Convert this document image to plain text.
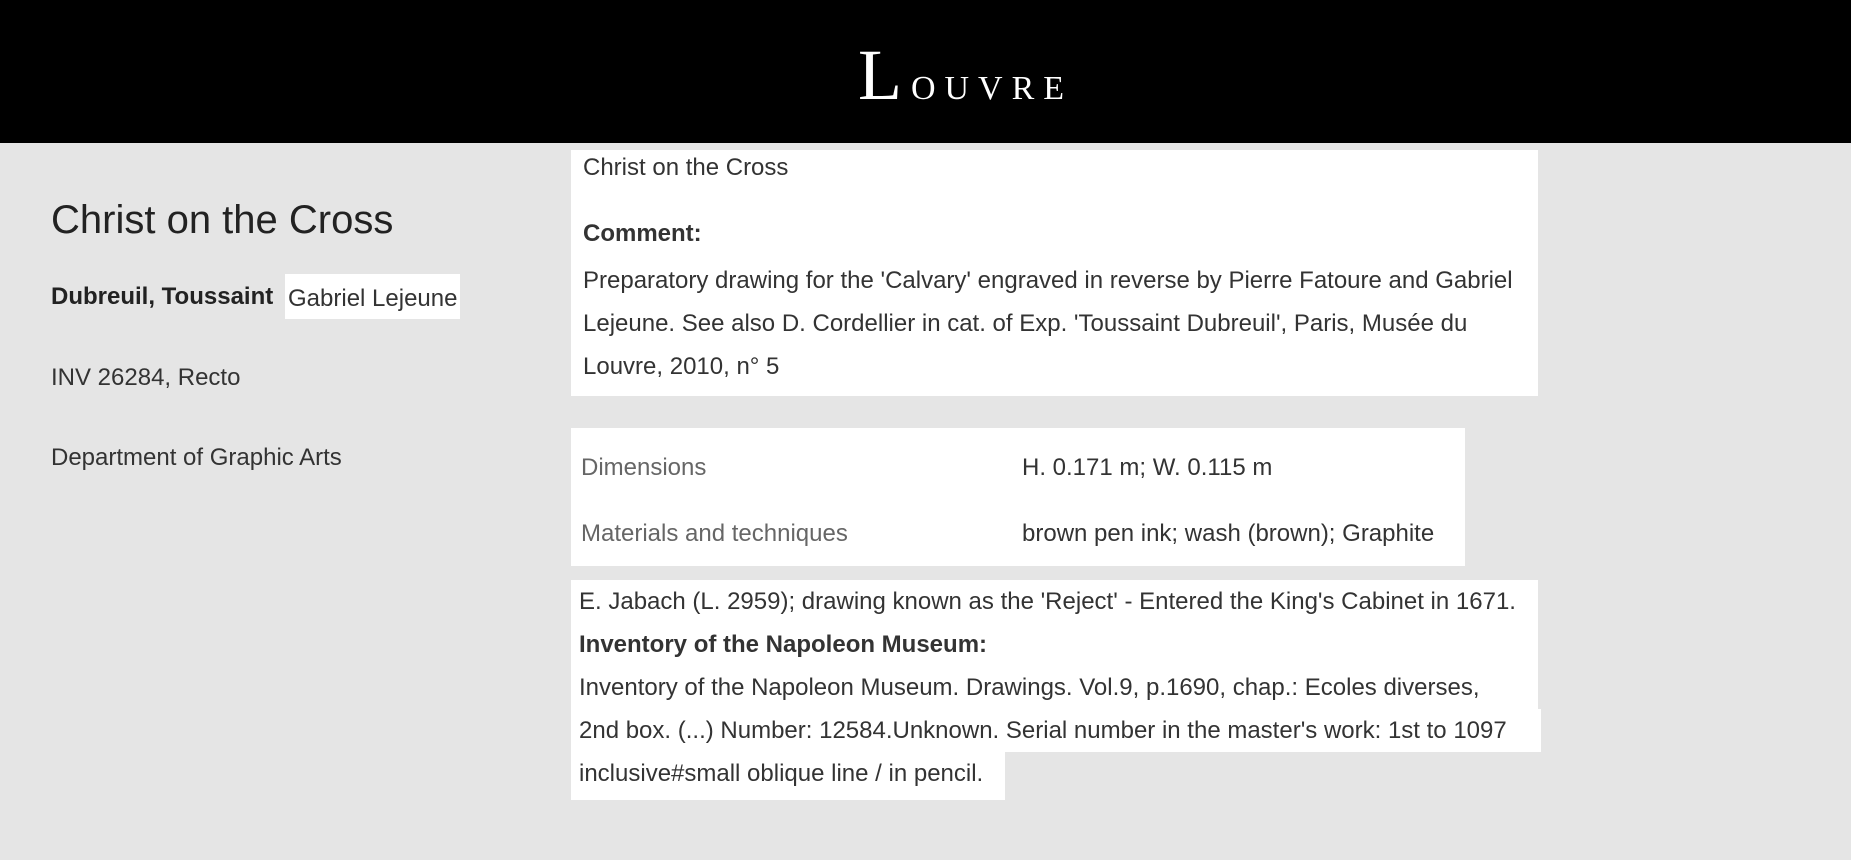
Louvre
Christ on the Cross
Dubreuil, Toussaint Gabriel Lejeune
INV 26284, Recto
Department of Graphic Arts
Christ on the Cross
Comment:
Preparatory drawing for the 'Calvary' engraved in reverse by Pierre Fatoure and Gabriel Lejeune. See also D. Cordellier in cat. of Exp. 'Toussaint Dubreuil', Paris, Musée du Louvre, 2010, n° 5
Dimensions	H. 0.171 m; W. 0.115 m
Materials and techniques	brown pen ink; wash (brown); Graphite
E. Jabach (L. 2959); drawing known as the 'Reject' - Entered the King's Cabinet in 1671.
Inventory of the Napoleon Museum:
Inventory of the Napoleon Museum. Drawings. Vol.9, p.1690, chap.: Ecoles diverses,
2nd box. (...) Number: 12584.Unknown. Serial number in the master's work: 1st to 1097
inclusive#small oblique line / in pencil.
